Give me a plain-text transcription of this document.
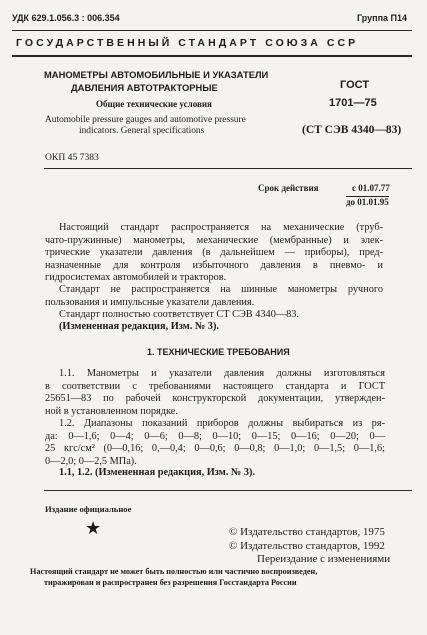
УДК 629.1.056.3 : 006.354	Группа П14
ГОСУДАРСТВЕННЫЙ СТАНДАРТ СОЮЗА ССР
МАНОМЕТРЫ АВТОМОБИЛЬНЫЕ И УКАЗАТЕЛИ
ДАВЛЕНИЯ АВТОТРАКТОРНЫЕ
Общие технические условия
Automobile pressure gauges and automotive pressure
indicators. General specifications
ГОСТ
1701—75
(СТ СЭВ 4340—83)
ОКП 45 7383
Срок действия	с 01.07.77
до 01.01.95
Настоящий стандарт распространяется на механические (труб-
чато-пружинные) манометры, механические (мембранные) и элек-
трические указатели давления (в дальнейшем — приборы), пред-
назначенные для контроля избыточного давления в пневмо- и
гидросистемах автомобилей и тракторов.
Стандарт не распространяется на шинные манометры ручного
пользования и импульсные указатели давления.
Стандарт полностью соответствует СТ СЭВ 4340—83.
(Измененная редакция, Изм. № 3).
1. ТЕХНИЧЕСКИЕ ТРЕБОВАНИЯ
1.1. Манометры и указатели давления должны изготовляться
в соответствии с требованиями настоящего стандарта и ГОСТ
25651—83 по рабочей конструкторской документации, утвержден-
ной в установленном порядке.
1.2. Диапазоны показаний приборов должны выбираться из ря-
да: 0—1,6; 0—4; 0—6; 0—8; 0—10; 0—15; 0—16; 0—20; 0—
25 кгс/см² (0—0,16; 0,—0,4; 0—0,6; 0—0,8; 0—1,0; 0—1,5; 0—1,6;
0—2,0; 0—2,5 МПа).
1.1, 1.2. (Измененная редакция, Изм. № 3).
Издание официальное
★	© Издательство стандартов, 1975
© Издательство стандартов, 1992
Переиздание с изменениями
Настоящий стандарт не может быть полностью или частично воспроизведен,
тиражирован и распространен без разрешения Госстандарта России
